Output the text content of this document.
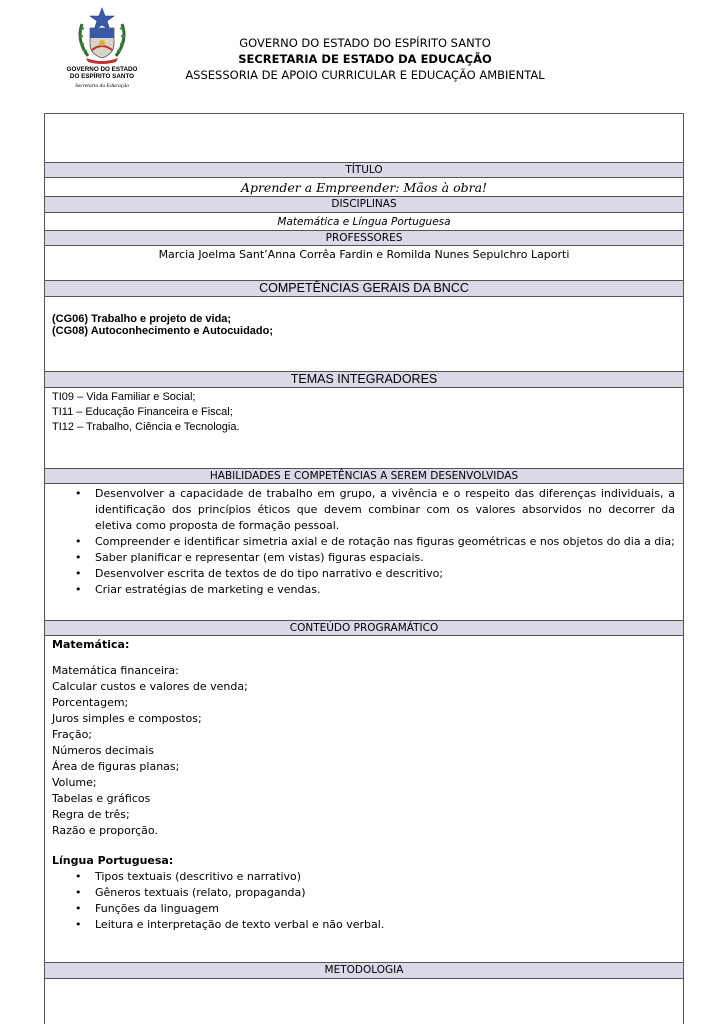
GOVERNO DO ESTADO
DO ESPÍRITO SANTO
Secretaria da Educação
GOVERNO DO ESTADO DO ESPÍRITO SANTO
SECRETARIA DE ESTADO DA EDUCAÇÃO
ASSESSORIA DE APOIO CURRICULAR E EDUCAÇÃO AMBIENTAL
TÍTULO
Aprender a Empreender: Mãos à obra!
DISCIPLINAS
Matemática e Língua Portuguesa
PROFESSORES
Marcia Joelma Sant’Anna Corrêa Fardin e Romilda Nunes Sepulchro Laporti
COMPETÊNCIAS GERAIS DA BNCC
(CG06) Trabalho e projeto de vida;
(CG08) Autoconhecimento e Autocuidado;
TEMAS INTEGRADORES
TI09 – Vida Familiar e Social;
TI11 – Educação Financeira e Fiscal;
TI12 – Trabalho, Ciência e Tecnologia.
HABILIDADES E COMPETÊNCIAS A SEREM DESENVOLVIDAS
• Desenvolver a capacidade de trabalho em grupo, a vivência e o respeito das diferenças individuais, a identificação dos princípios éticos que devem combinar com os valores absorvidos no decorrer da eletiva como proposta de formação pessoal.
• Compreender e identificar simetria axial e de rotação nas figuras geométricas e nos objetos do dia a dia;
• Saber planificar e representar (em vistas) figuras espaciais.
• Desenvolver escrita de textos de do tipo narrativo e descritivo;
• Criar estratégias de marketing e vendas.
CONTEÚDO PROGRAMÁTICO
Matemática:
Matemática financeira:
Calcular custos e valores de venda;
Porcentagem;
Juros simples e compostos;
Fração;
Números decimais
Área de figuras planas;
Volume;
Tabelas e gráficos
Regra de três;
Razão e proporção.
Língua Portuguesa:
• Tipos textuais (descritivo e narrativo)
• Gêneros textuais (relato, propaganda)
• Funções da linguagem
• Leitura e interpretação de texto verbal e não verbal.
METODOLOGIA
